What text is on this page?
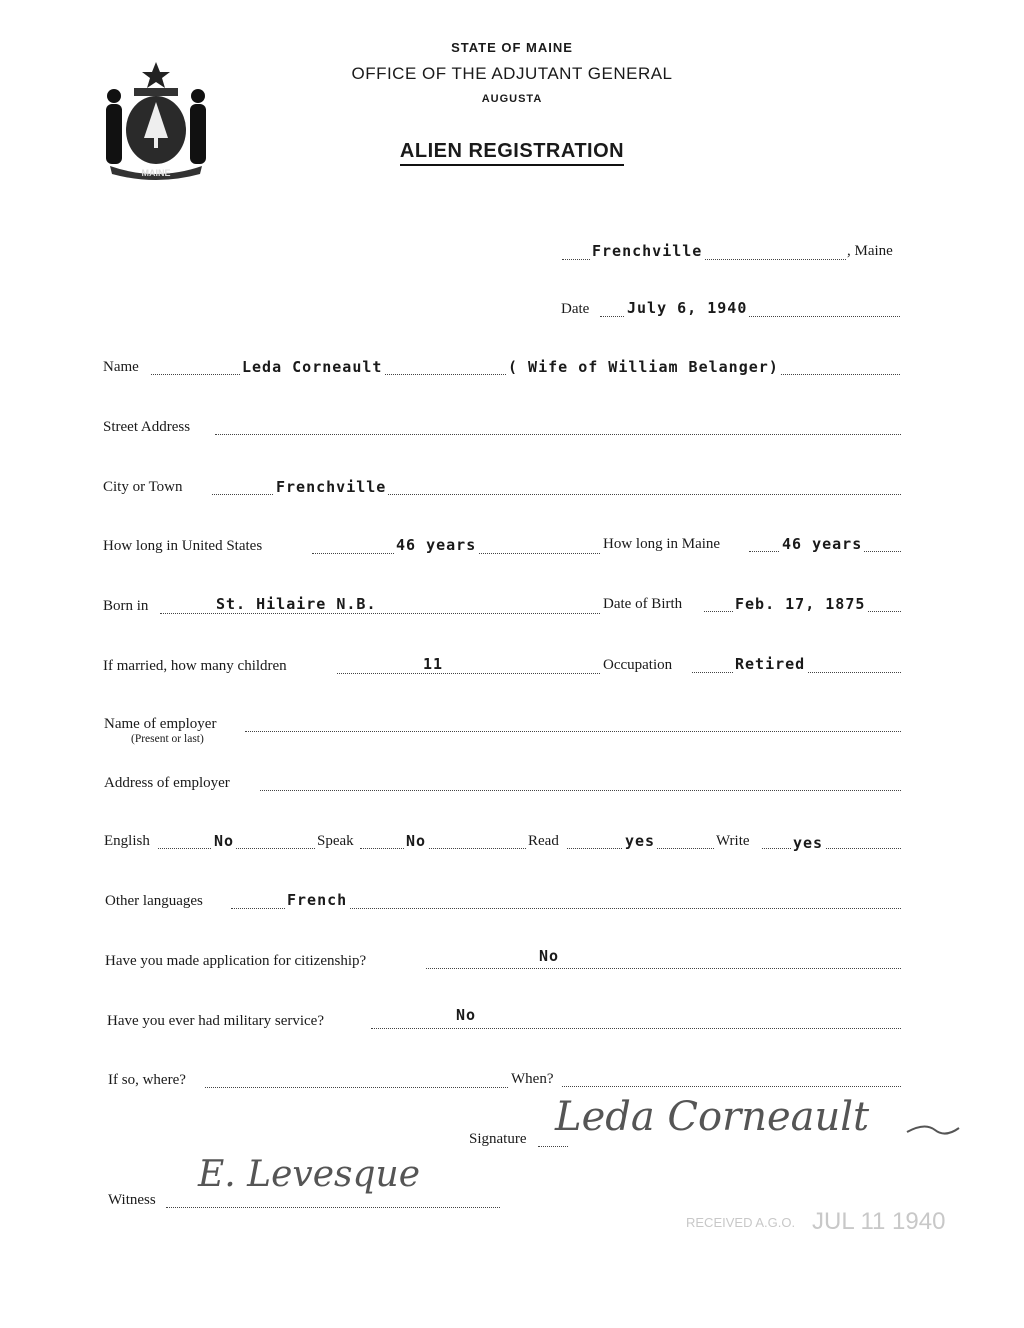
MAINE
STATE OF MAINE
OFFICE OF THE ADJUTANT GENERAL
AUGUSTA
ALIEN REGISTRATION
Frenchville	, Maine
Date	July 6, 1940
Name	Leda Corneault	( Wife of William Belanger)
Street Address
City or Town	Frenchville
How long in United States	46 years	How long in Maine	46 years
Born in	St. Hilaire N.B.	Date of Birth	Feb. 17, 1875
If married, how many children	11	Occupation	Retired
Name of employer
(Present or last)
Address of employer
English	No	Speak	No	Read	yes	Write	yes
Other languages	French
Have you made application for citizenship?	No
Have you ever had military service?	No
If so, where?	When?
Signature Leda Corneault
Witness
E. Levesque
RECEIVED A.G.O. JUL 11 1940
